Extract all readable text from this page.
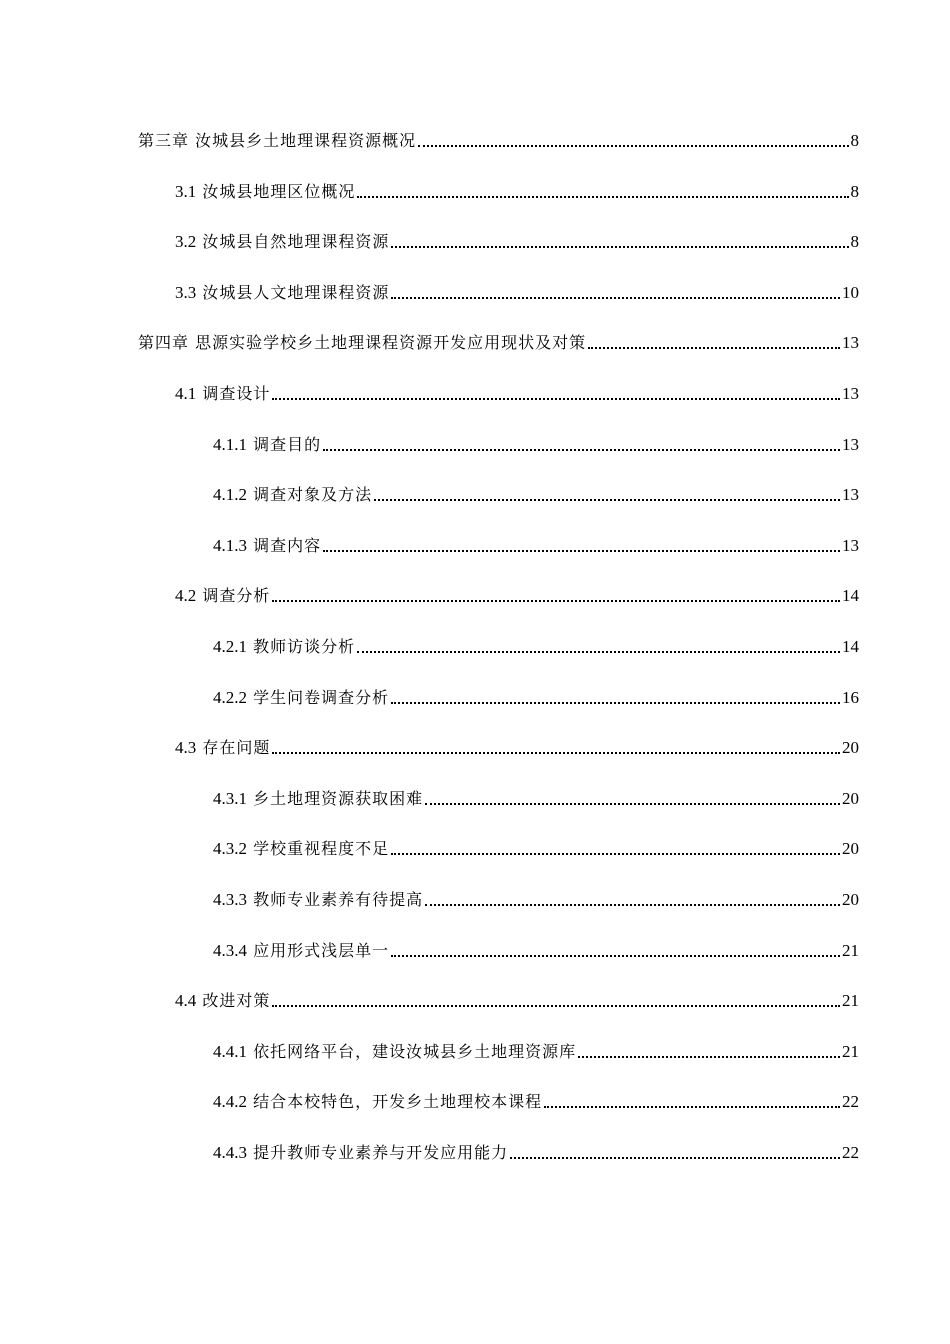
第三章 汝城县乡土地理课程资源概况	8
3.1 汝城县地理区位概况	8
3.2 汝城县自然地理课程资源	8
3.3 汝城县人文地理课程资源	10
第四章 思源实验学校乡土地理课程资源开发应用现状及对策	13
4.1 调查设计	13
4.1.1 调查目的	13
4.1.2 调查对象及方法	13
4.1.3 调查内容	13
4.2 调查分析	14
4.2.1 教师访谈分析	14
4.2.2 学生问卷调查分析	16
4.3 存在问题	20
4.3.1 乡土地理资源获取困难	20
4.3.2 学校重视程度不足	20
4.3.3 教师专业素养有待提高	20
4.3.4 应用形式浅层单一	21
4.4 改进对策	21
4.4.1 依托网络平台，建设汝城县乡土地理资源库	21
4.4.2 结合本校特色，开发乡土地理校本课程	22
4.4.3 提升教师专业素养与开发应用能力	22
